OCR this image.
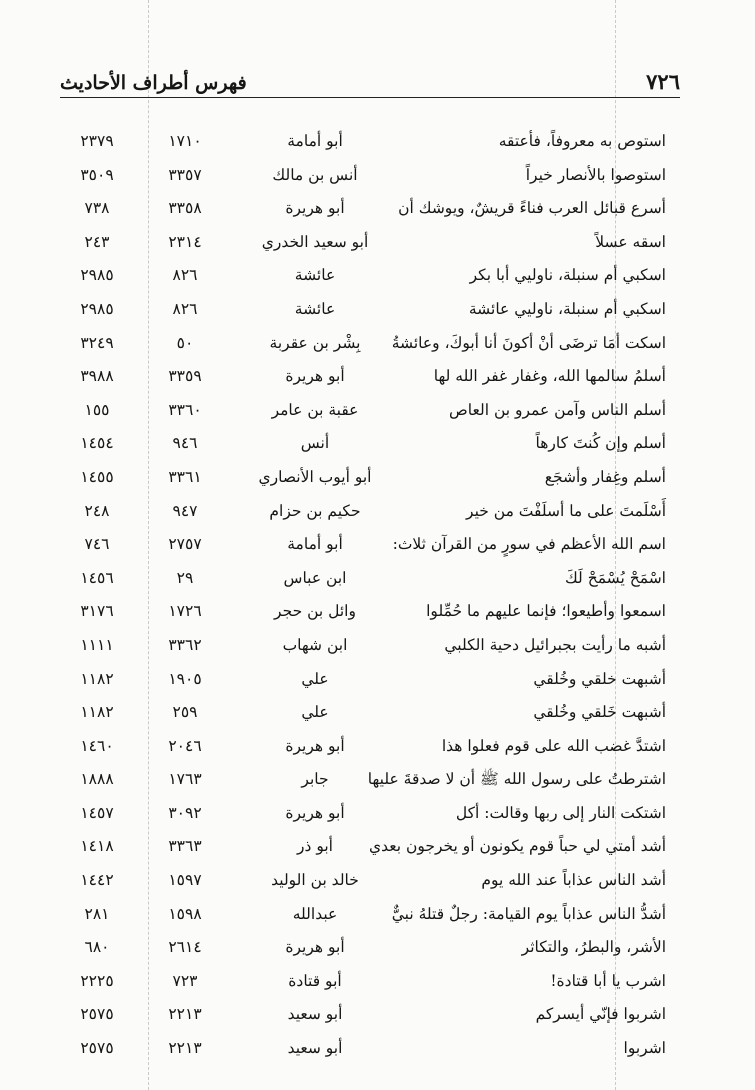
فهرس أطراف الأحاديث	٧٢٦
استوص به معروفاً، فأعتقه
أبو أمامة
١٧١٠
٢٣٧٩
استوصوا بالأنصار خيراً
أنس بن مالك
٣٣٥٧
٣٥٠٩
أسرع قبائل العرب فناءً قريشٌ، ويوشك أن
أبو هريرة
٣٣٥٨
٧٣٨
اسقه عسلاً
أبو سعيد الخدري
٢٣١٤
٢٤٣
اسكبي أم سنبلة، ناوليي أبا بكر
عائشة
٨٢٦
٢٩٨٥
اسكبي أم سنبلة، ناوليي عائشة
عائشة
٨٢٦
٢٩٨٥
اسكت أمَا ترضَى أنْ أكونَ أنا أبوكَ، وعائشةُ
بِشْر بن عقربة
٥٠
٣٢٤٩
أسلمُ سالمها الله، وغفار غفر الله لها
أبو هريرة
٣٣٥٩
٣٩٨٨
أسلم الناس وآمن عمرو بن العاص
عقبة بن عامر
٣٣٦٠
١٥٥
أسلم وإن كُنتَ كارهاً
أنس
٩٤٦
١٤٥٤
أسلم وغِفار وأشجَع
أبو أيوب الأنصاري
٣٣٦١
١٤٥٥
أَسْلَمتَ على ما أسلَفْتَ من خير
حكيم بن حزام
٩٤٧
٢٤٨
اسم الله الأعظم في سورٍ من القرآن ثلاث:
أبو أمامة
٢٧٥٧
٧٤٦
اسْمَحْ يُسْمَحْ لَكَ
ابن عباس
٢٩
١٤٥٦
اسمعوا وأطيعوا؛ فإنما عليهم ما حُمِّلوا
وائل بن حجر
١٧٢٦
٣١٧٦
أشبه ما رأيت بجبرائيل دحية الكلبي
ابن شهاب
٣٣٦٢
١١١١
أشبهت خلقي وخُلقي
علي
١٩٠٥
١١٨٢
أشبهت خَلقي وخُلقي
علي
٢٥٩
١١٨٢
اشتدَّ غضب الله على قوم فعلوا هذا
أبو هريرة
٢٠٤٦
١٤٦٠
اشترطتُ على رسول الله ﷺ أن لا صدقةَ عليها
جابر
١٧٦٣
١٨٨٨
اشتكت النار إلى ربها وقالت: أكل
أبو هريرة
٣٠٩٢
١٤٥٧
أشد أمتي لي حباً قوم يكونون أو يخرجون بعدي
أبو ذر
٣٣٦٣
١٤١٨
أشد الناس عذاباً عند الله يوم
خالد بن الوليد
١٥٩٧
١٤٤٢
أشدُّ الناس عذاباً يوم القيامة: رجلٌ قتلهُ نبيٌّ
عبدالله
١٥٩٨
٢٨١
الأشر، والبطرُ، والتكاثر
أبو هريرة
٢٦١٤
٦٨٠
اشرب يا أبا قتادة!
أبو قتادة
٧٢٣
٢٢٢٥
اشربوا فإنّي أيسركم
أبو سعيد
٢٢١٣
٢٥٧٥
اشربوا
أبو سعيد
٢٢١٣
٢٥٧٥
